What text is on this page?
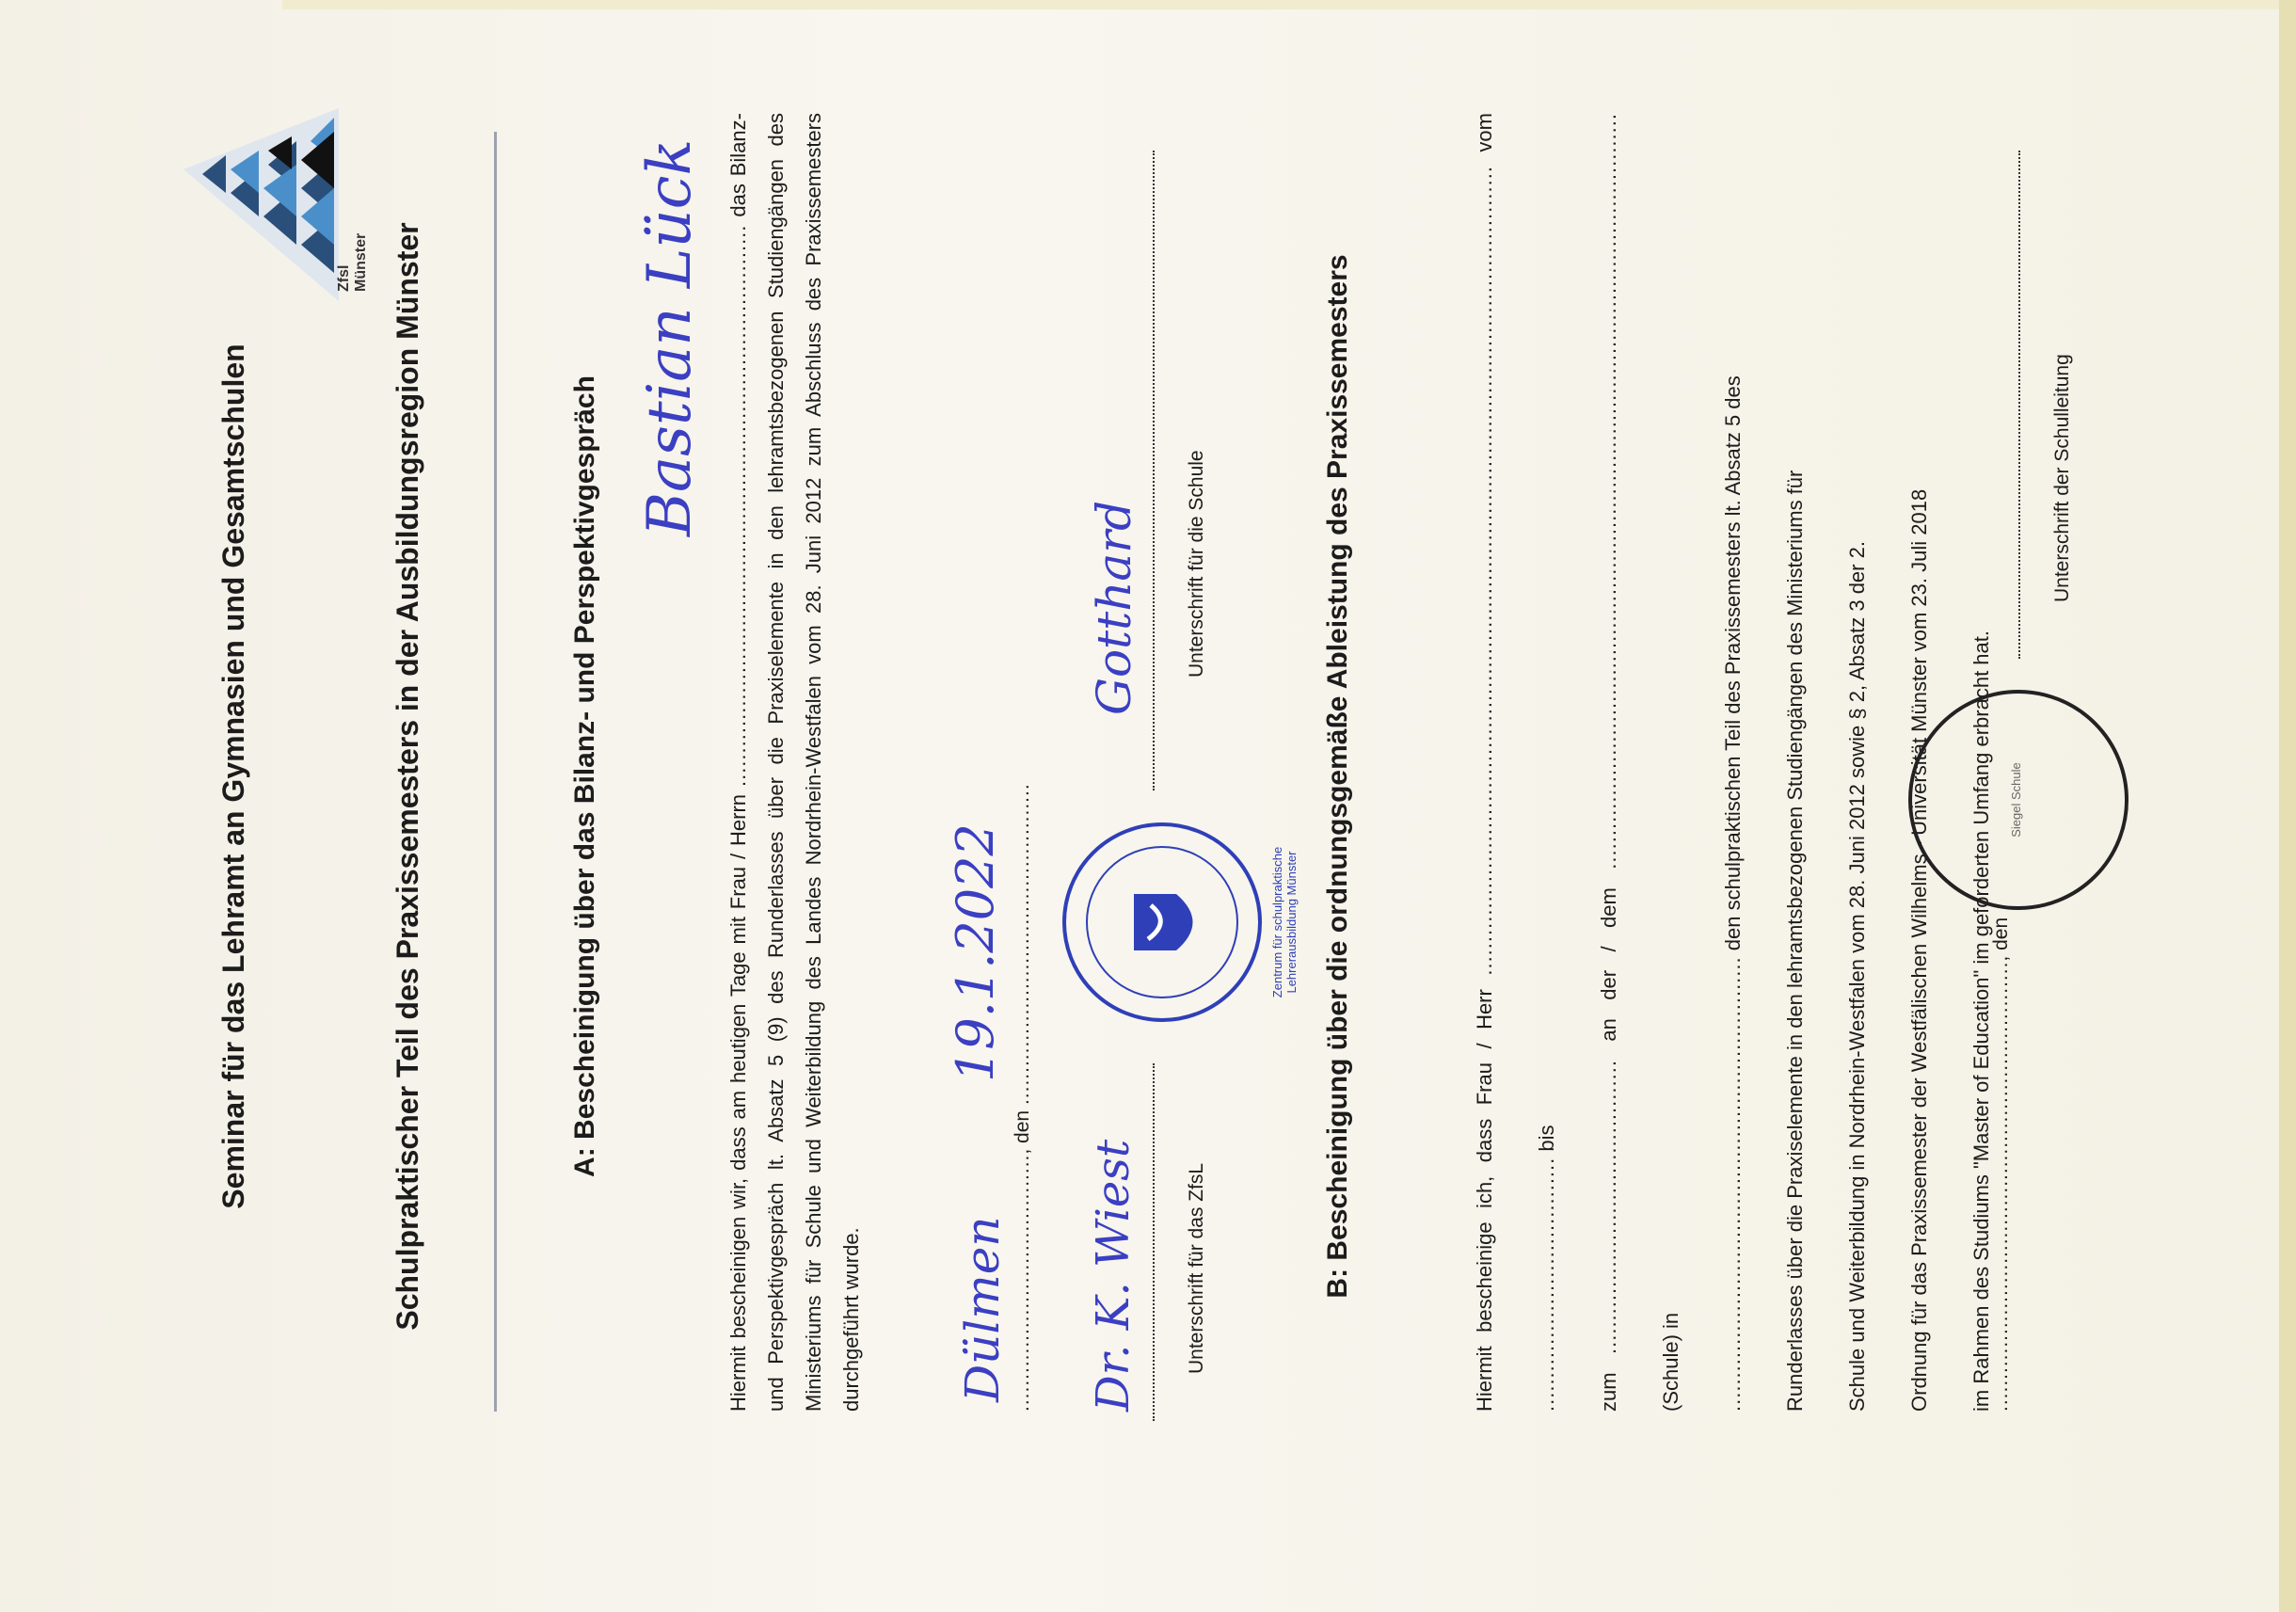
Zfsl Münster
Seminar für das Lehramt an Gymnasien und Gesamtschulen	Schulpraktischer Teil des Praxissemesters in der Ausbildungsregion Münster	A: Bescheinigung über das Bilanz- und Perspektivgespräch	Hiermit bescheinigen wir, dass am heutigen Tage mit Frau / Herrn .................................................................................... das Bilanz- und Perspektivgespräch lt. Absatz 5 (9) des Runderlasses über die Praxiselemente in den lehramtsbezogenen Studiengängen des Ministeriums für Schule und Weiterbildung des Landes Nordrhein-Westfalen vom 28. Juni 2012 zum Abschluss des Praxissemesters durchgeführt wurde.
Bastian Lück
........................................, den ..................................................
Dülmen
19.1.2022	Zentrum für schulpraktische Lehrerausbildung Münster
Dr. K. Wiest Unterschrift für das ZfsL
Gotthard Unterschrift für die Schule	B: Bescheinigung über die ordnungsgemäße Ableistung des Praxissemesters	Hiermit bescheinige ich, dass Frau / Herr ......................................................................................................................... vom ...................................... bis
zum ............................................ an der / dem ................................................................................................................. (Schule) in	.................................................................... den schulpraktischen Teil des Praxissemesters lt. Absatz 5 des	Runderlasses über die Praxiselemente in den lehramtsbezogenen Studiengängen des Ministeriums für	Schule und Weiterbildung in Nordrhein-Westfalen vom 28. Juni 2012 sowie § 2, Absatz 3 der 2.	Ordnung für das Praxissemester der Westfälischen Wilhelms - Universität Münster vom 23. Juli 2018	im Rahmen des Studiums "Master of Education" im geforderten Umfang erbracht hat.
......................................................................, den
Siegel Schule
Unterschrift der Schulleitung
